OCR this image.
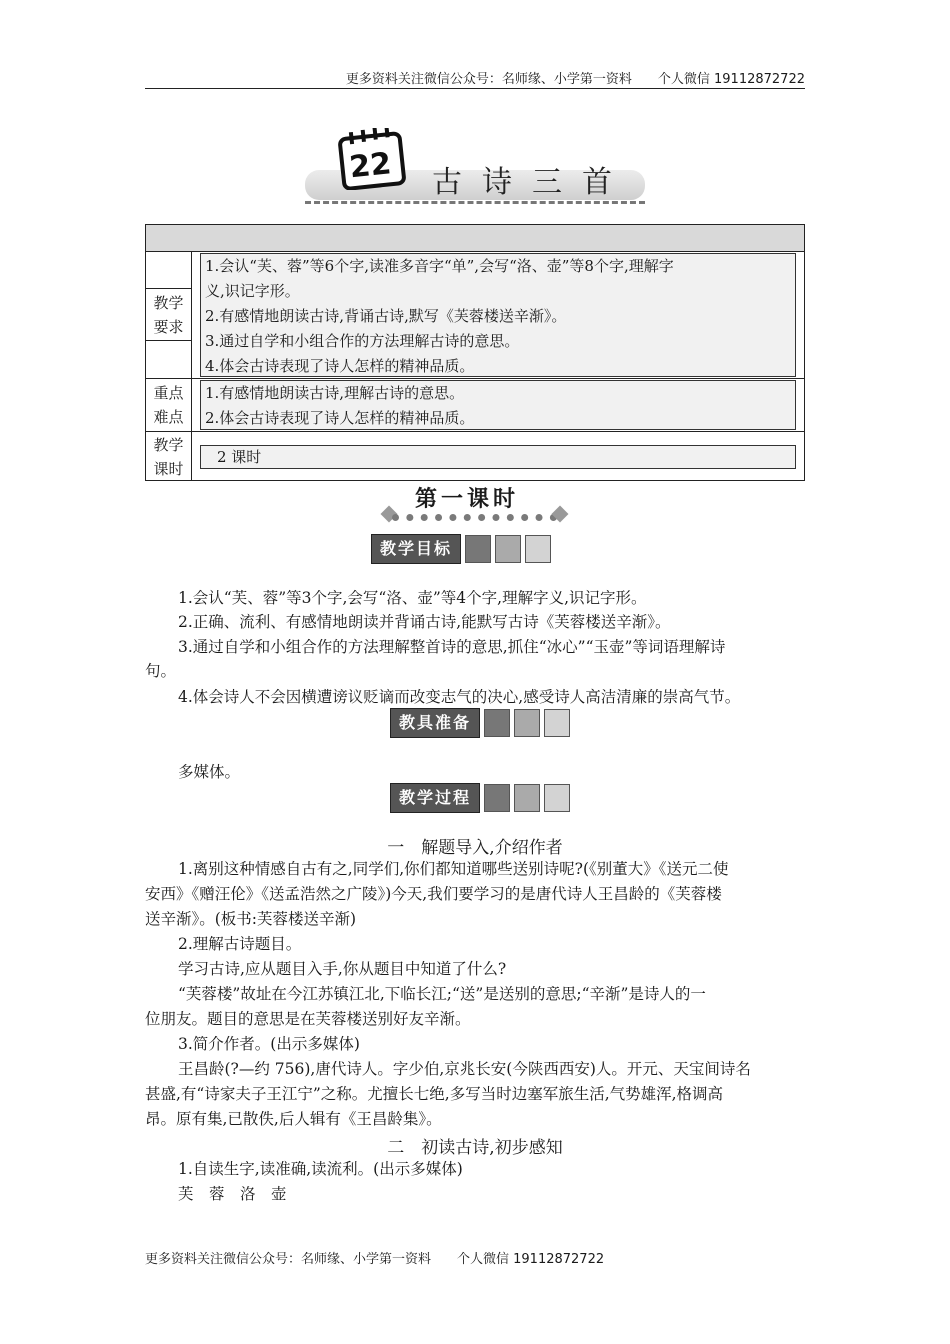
更多资料关注微信公众号：名师缘、小学第一资料　　个人微信 19112872722
22 古诗三首
教学
要求

1.会认“芙、蓉”等6个字,读准多音字“单”,会写“洛、壶”等8个字,理解字

义,识记字形。

2.有感情地朗读古诗,背诵古诗,默写《芙蓉楼送辛渐》。

3.通过自学和小组合作的方法理解古诗的意思。

4.体会古诗表现了诗人怎样的精神品质。

重点
难点

1.有感情地朗读古诗,理解古诗的意思。

2.体会古诗表现了诗人怎样的精神品质。

教学
课时
2 课时
第一课时
教学目标
1.会认“芙、蓉”等3个字,会写“洛、壶”等4个字,理解字义,识记字形。
2.正确、流利、有感情地朗读并背诵古诗,能默写古诗《芙蓉楼送辛渐》。
3.通过自学和小组合作的方法理解整首诗的意思,抓住“冰心”“玉壶”等词语理解诗
句。
4.体会诗人不会因横遭谤议贬谪而改变志气的决心,感受诗人高洁清廉的崇高气节。
教具准备
多媒体。
教学过程
一　解题导入,介绍作者
1.离别这种情感自古有之,同学们,你们都知道哪些送别诗呢?(《别董大》《送元二使
安西》《赠汪伦》《送孟浩然之广陵》)今天,我们要学习的是唐代诗人王昌龄的《芙蓉楼
送辛渐》。(板书:芙蓉楼送辛渐)
2.理解古诗题目。
学习古诗,应从题目入手,你从题目中知道了什么?
“芙蓉楼”故址在今江苏镇江北,下临长江;“送”是送别的意思;“辛渐”是诗人的一
位朋友。题目的意思是在芙蓉楼送别好友辛渐。
3.简介作者。(出示多媒体)
王昌龄(?—约 756),唐代诗人。字少伯,京兆长安(今陕西西安)人。开元、天宝间诗名
甚盛,有“诗家夫子王江宁”之称。尤擅长七绝,多写当时边塞军旅生活,气势雄浑,格调高
昂。原有集,已散佚,后人辑有《王昌龄集》。
二　初读古诗,初步感知
1.自读生字,读准确,读流利。(出示多媒体)
芙　蓉　洛　壶
更多资料关注微信公众号：名师缘、小学第一资料　　个人微信 19112872722
